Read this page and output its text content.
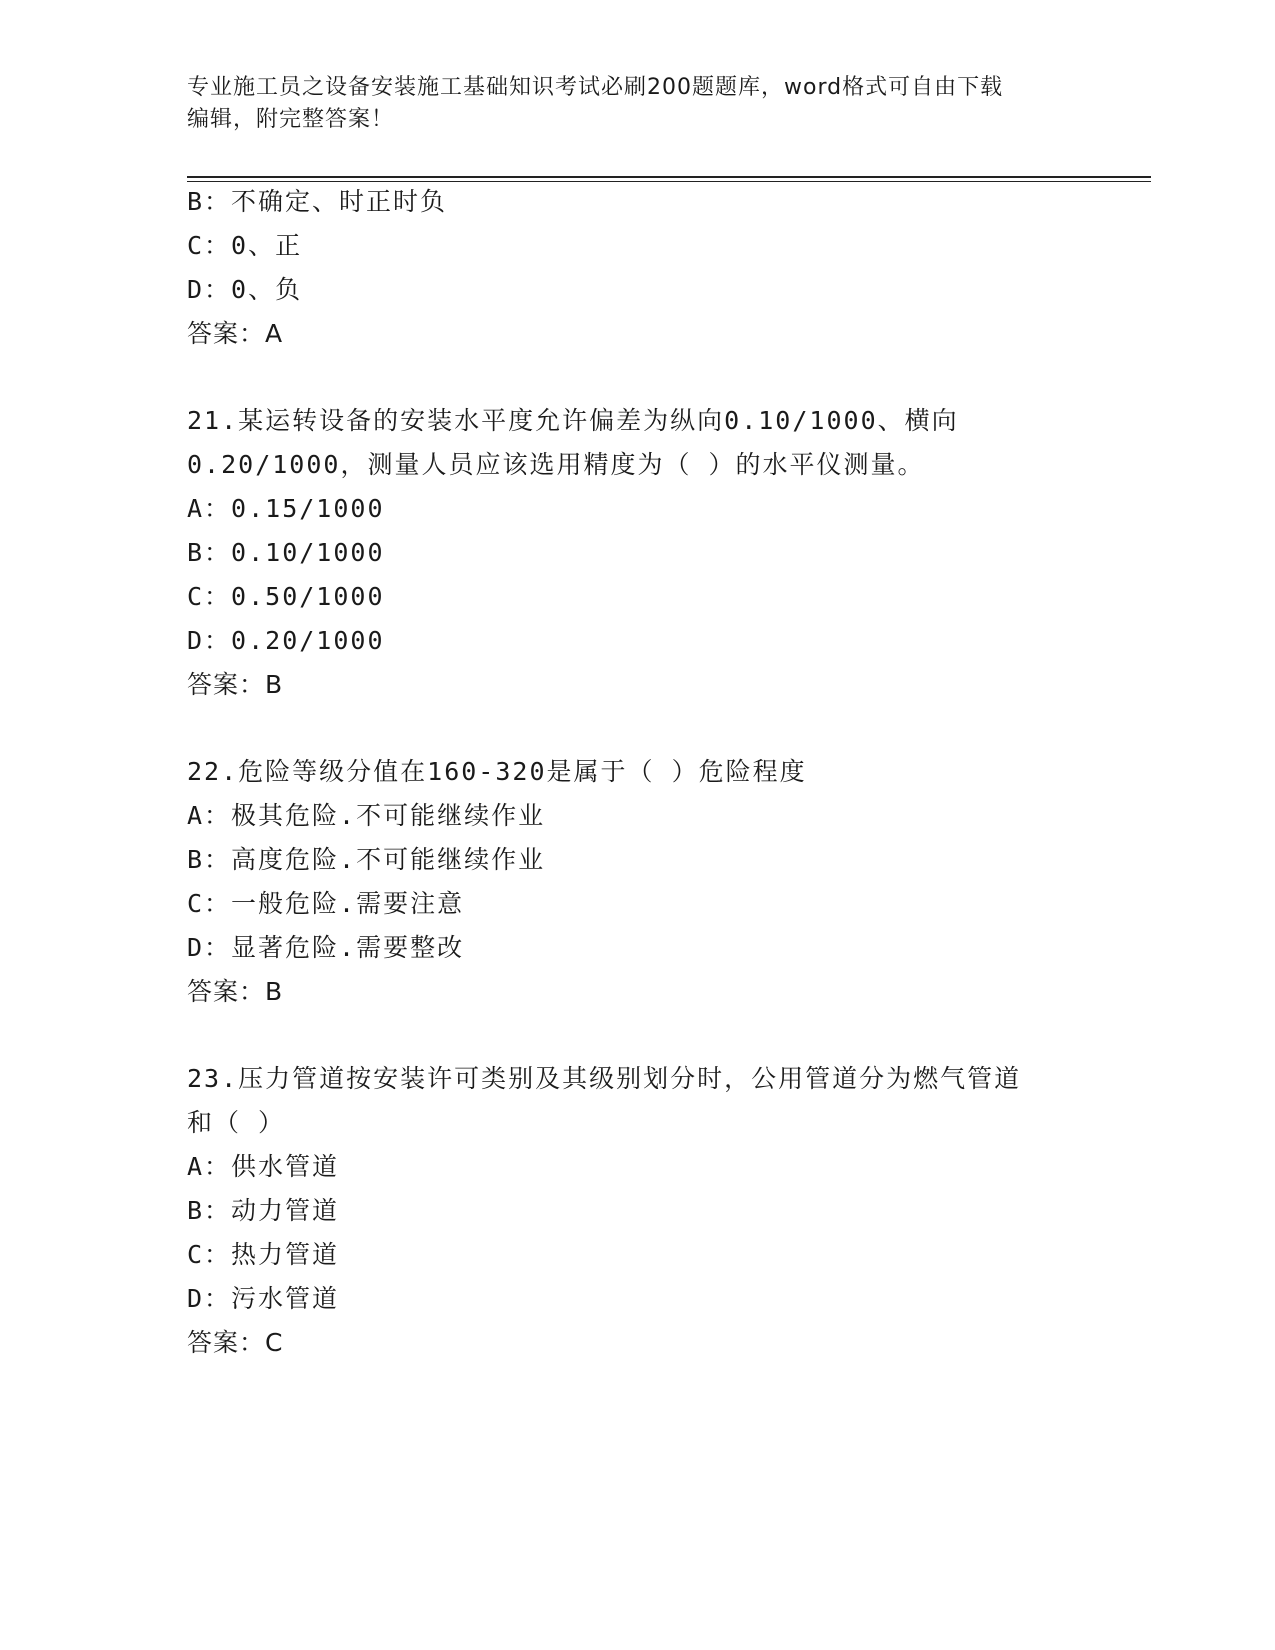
专业施工员之设备安装施工基础知识考试必刷200题题库，word格式可自由下载
编辑，附完整答案！
B：不确定、时正时负
C：0、正
D：0、负
答案：A
21.某运转设备的安装水平度允许偏差为纵向0.10/1000、横向
0.20/1000，测量人员应该选用精度为（ ）的水平仪测量。
A：0.15/1000
B：0.10/1000
C：0.50/1000
D：0.20/1000
答案：B
22.危险等级分值在160-320是属于（ ）危险程度
A：极其危险.不可能继续作业
B：高度危险.不可能继续作业
C：一般危险.需要注意
D：显著危险.需要整改
答案：B
23.压力管道按安装许可类别及其级别划分时，公用管道分为燃气管道
和（ ）
A：供水管道
B：动力管道
C：热力管道
D：污水管道
答案：C
